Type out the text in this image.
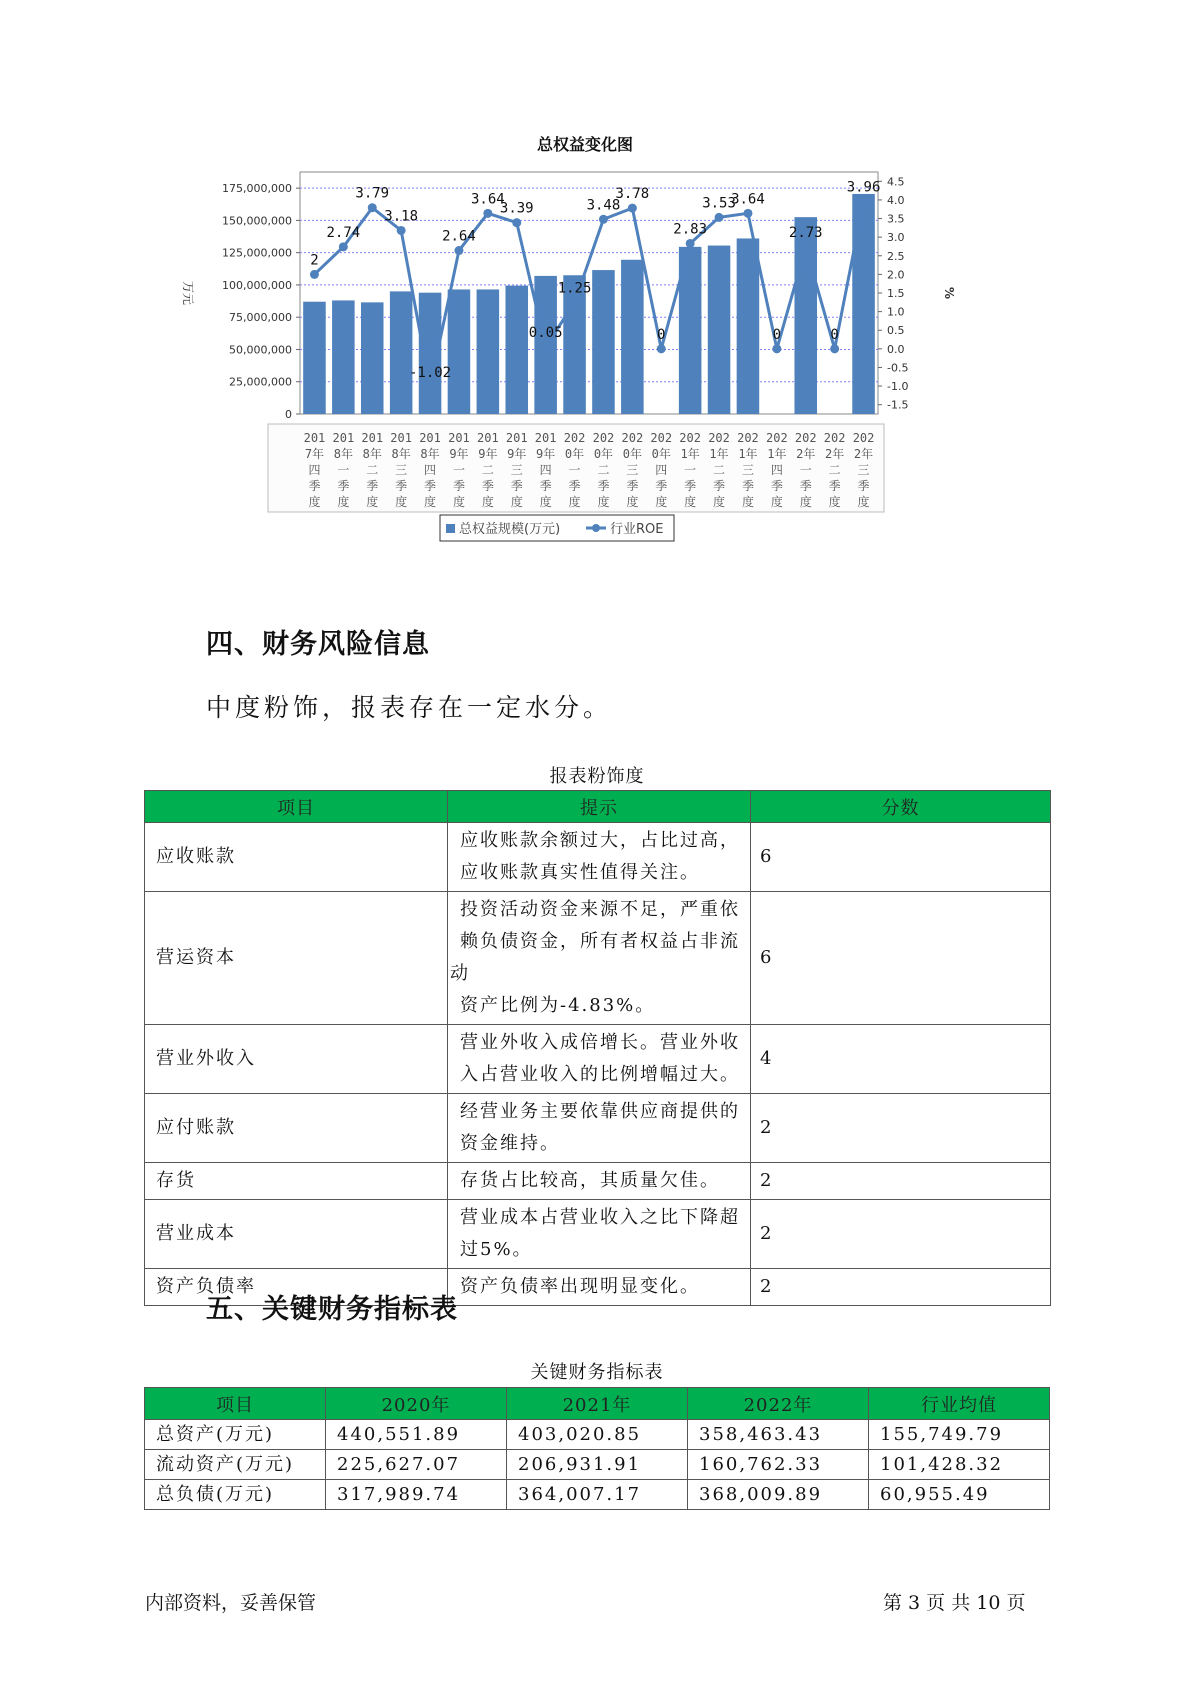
总权益变化图
0
25,000,000
50,000,000
75,000,000
100,000,000
125,000,000
150,000,000
175,000,000
-1.5
-1.0
-0.5
0.0
0.5
1.0
1.5
2.0
2.5
3.0
3.5
4.0
4.5
万元	%
2
2.74
3.79
3.18
-1.02
2.64
3.64
3.39
0.05
1.25
3.48
3.78
0
2.83
3.53
3.64
0
2.73
0
3.96
201
7年
四
季
度
201
8年
一
季
度
201
8年
二
季
度
201
8年
三
季
度
201
8年
四
季
度
201
9年
一
季
度
201
9年
二
季
度
201
9年
三
季
度
201
9年
四
季
度
202
0年
一
季
度
202
0年
二
季
度
202
0年
三
季
度
202
0年
四
季
度
202
1年
一
季
度
202
1年
二
季
度
202
1年
三
季
度
202
1年
四
季
度
202
2年
一
季
度
202
2年
二
季
度
202
2年
三
季
度
总权益规模(万元)	行业ROE
四、财务风险信息
中度粉饰，报表存在一定水分。
报表粉饰度
项目	提示	分数
应收账款	应收账款余额过大，占比过高，
应收账款真实性值得关注。	6
营运资本	投资活动资金来源不足，严重依
赖负债资金，所有者权益占非流动
资产比例为-4.83%。	6
营业外收入	营业外收入成倍增长。营业外收
入占营业收入的比例增幅过大。	4
应付账款	经营业务主要依靠供应商提供的
资金维持。	2
存货	存货占比较高，其质量欠佳。	2
营业成本	营业成本占营业收入之比下降超
过5%。	2
资产负债率	资产负债率出现明显变化。	2
五、关键财务指标表
关键财务指标表
项目	2020年	2021年	2022年	行业均值
总资产(万元)	440,551.89	403,020.85	358,463.43	155,749.79
流动资产(万元)	225,627.07	206,931.91	160,762.33	101,428.32
总负债(万元)	317,989.74	364,007.17	368,009.89	60,955.49
内部资料，妥善保管	第 3 页 共 10 页
